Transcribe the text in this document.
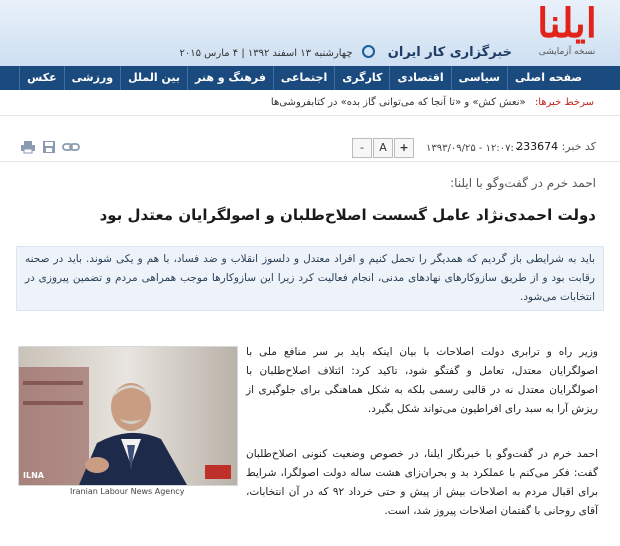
ایلنا
نسخه آزمایشی
خبرگزاری کار ایران  چهارشنبه ۱۳ اسفند ۱۳۹۲ | ۴ مارس ۲۰۱۵
صفحه اصلی
سیاسی
اقتصادی
کارگری
اجتماعی
فرهنگ و هنر
بین الملل
ورزشی
عکس
سرخط خبرها: «نعش کش» و «تا آنجا که می‌توانی گاز بده» در کتابفروشی‌ها
کد خبر: 233674
۱۳۹۳/۰۹/۲۵ - ۱۲:۰۷:۰۰
+
A
-
احمد خرم در گفت‌وگو با ایلنا:
دولت احمدی‌نژاد عامل گسست اصلاح‌طلبان و اصولگرایان معتدل بود
باید به شرایطی باز گردیم که همدیگر را تحمل کنیم و افراد معتدل و دلسوز انقلاب و ضد فساد، با هم و یکی شوند. باید در صحنه رقابت بود و از طریق سازوکارهای نهادهای مدنی، انجام فعالیت کرد زیرا این سازوکارها موجب همراهی مردم و تضمین پیروزی در انتخابات می‌شود.
ILNA
Iranian Labour News Agency
وزیر راه و ترابری دولت اصلاحات با بیان اینکه باید بر سر منافع ملی با اصولگرایان معتدل، تعامل و گفتگو شود، تاکید کرد: ائتلاف اصلاح‌طلبان با اصولگرایان معتدل نه در قالبی رسمی بلکه به شکل هماهنگی برای جلوگیری از ریزش آرا به سبد رای افراطیون می‌تواند شکل بگیرد.
احمد خرم در گفت‌وگو با خبرنگار ایلنا، در خصوص وضعیت کنونی اصلاح‌طلبان گفت: فکر می‌کنم با عملکرد بد و بحران‌زای هشت ساله دولت اصولگرا، شرایط برای اقبال مردم به اصلاحات بیش از پیش و حتی خرداد ۹۲ که در آن انتخابات، آقای روحانی با گفتمان اصلاحات پیروز شد، است.
